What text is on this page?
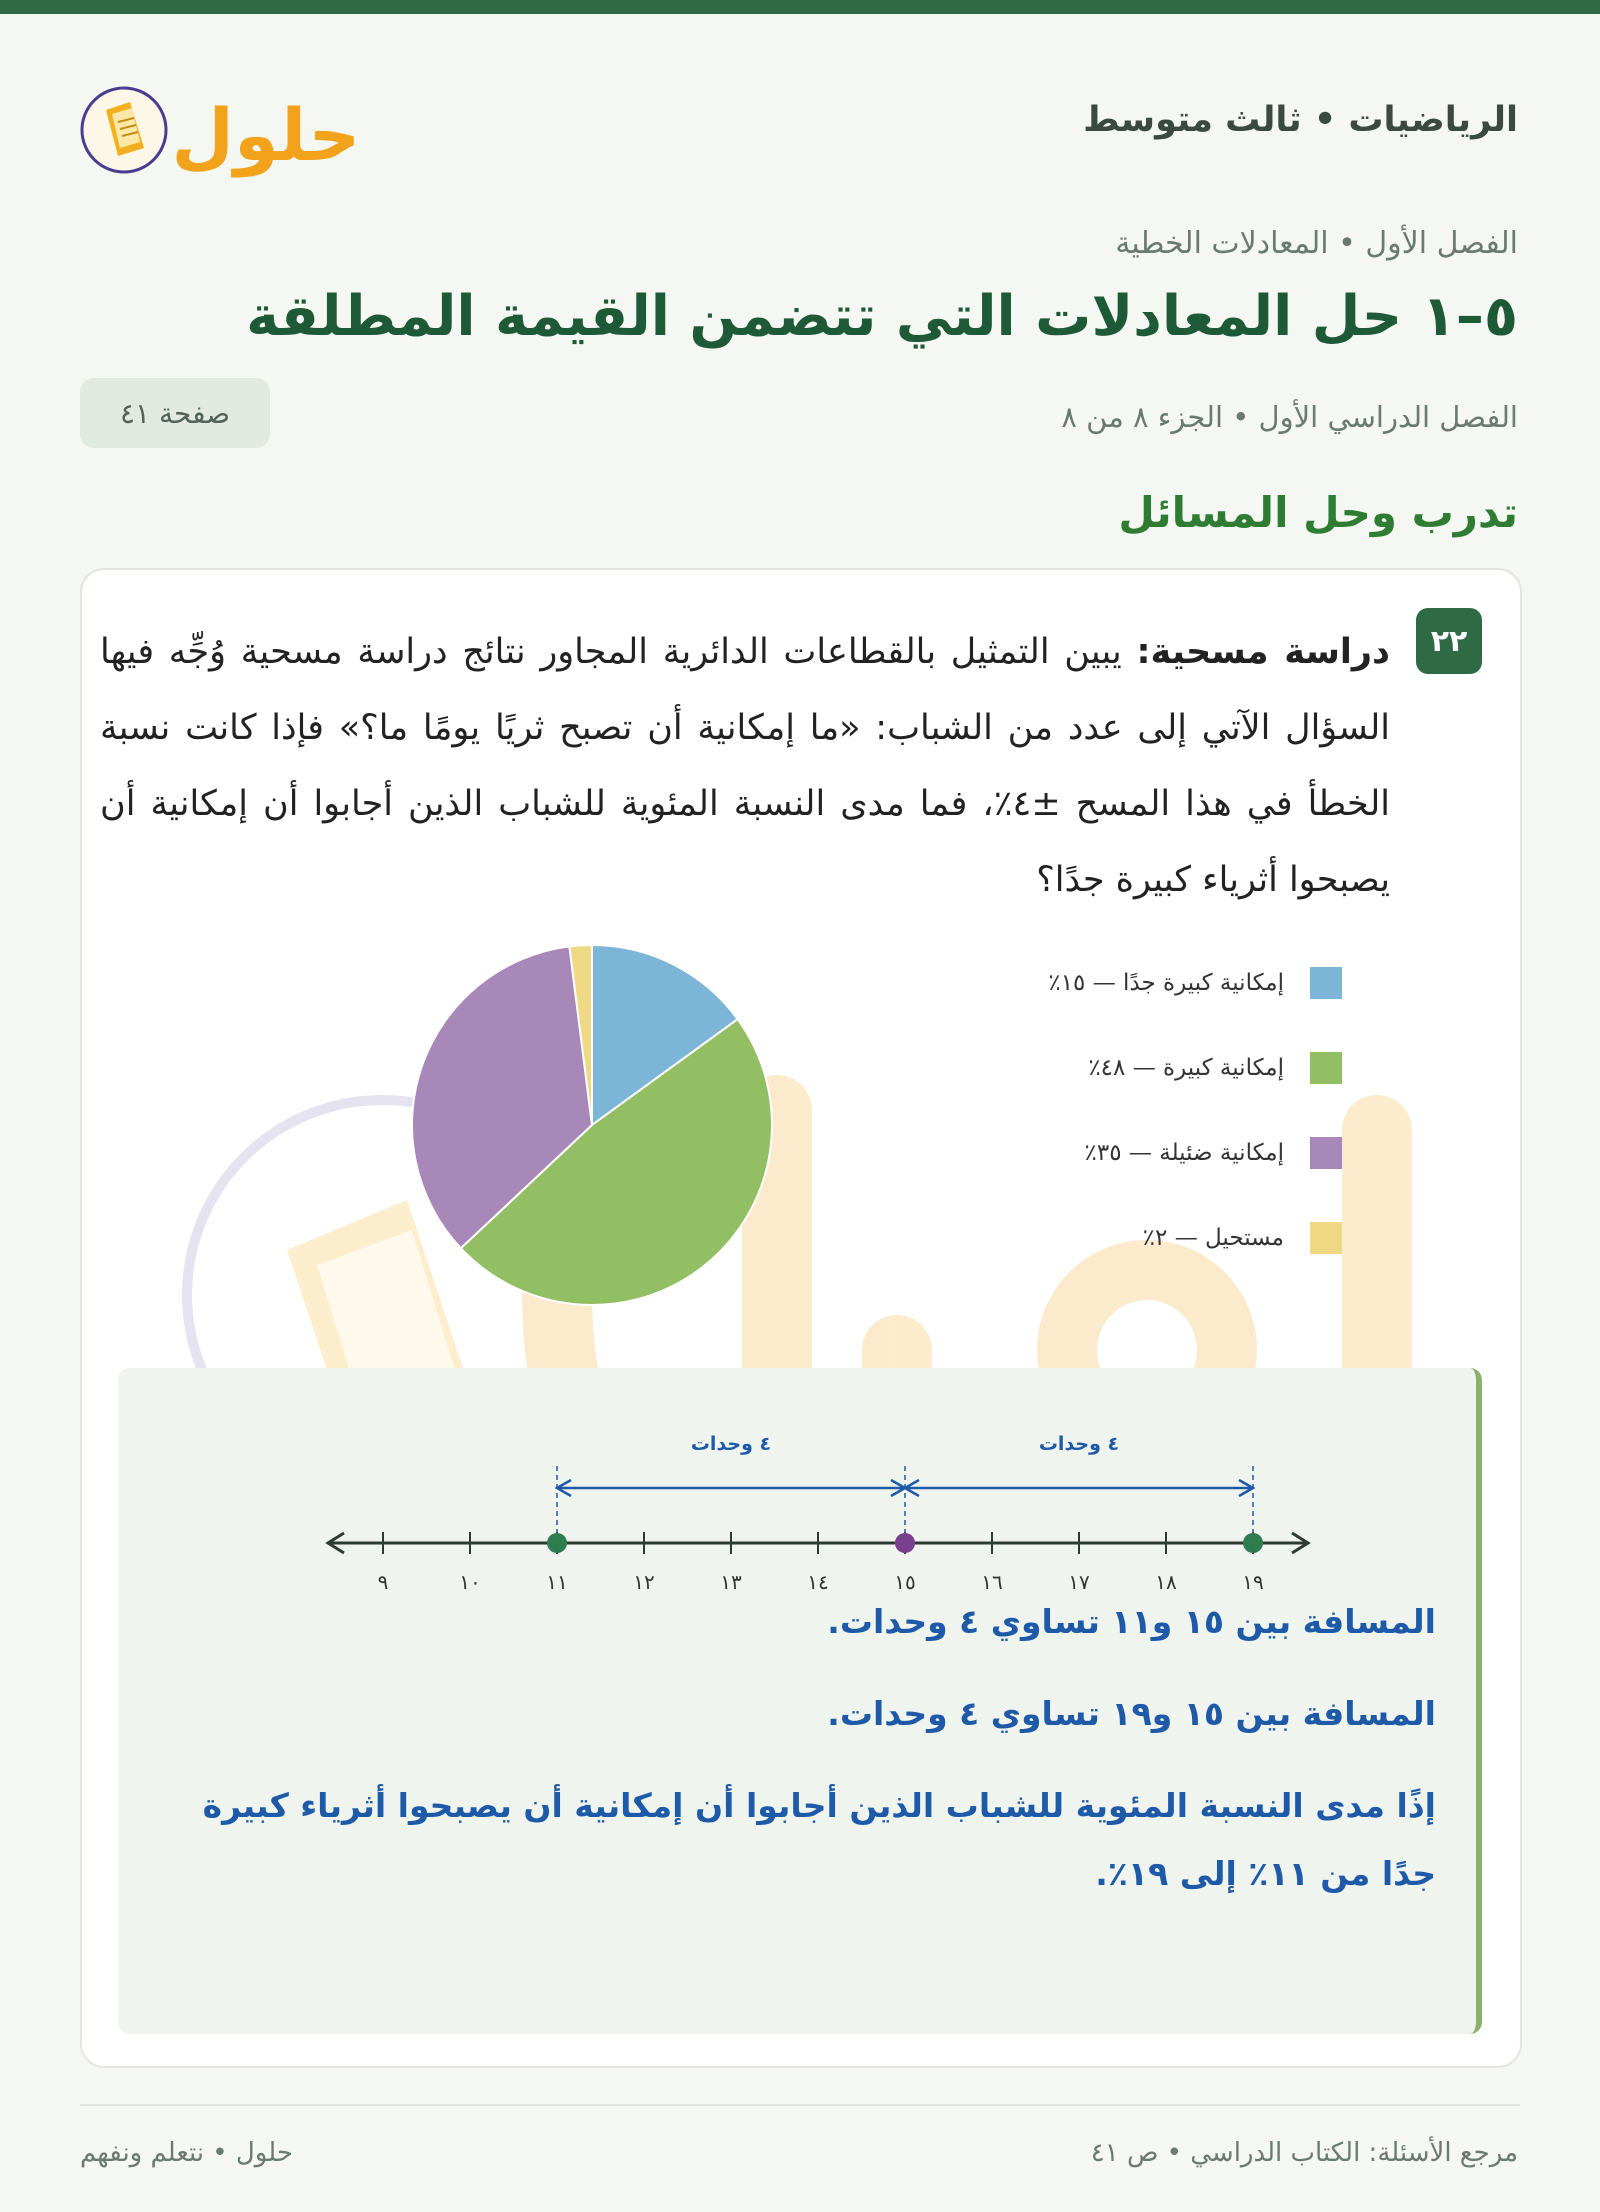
حلول	الرياضيات • ثالث متوسط
الفصل الأول • المعادلات الخطية
٥–١ حل المعادلات التي تتضمن القيمة المطلقة
الفصل الدراسي الأول • الجزء ٨ من ٨
صفحة ٤١
تدرب وحل المسائل
٢٢

دراسة مسحية: يبين التمثيل بالقطاعات الدائرية المجاور نتائج دراسة مسحية وُجِّه فيها السؤال الآتي إلى عدد من الشباب: «ما إمكانية أن تصبح ثريًا يومًا ما؟» فإذا كانت نسبة الخطأ في هذا المسح ±٤٪، فما مدى النسبة المئوية للشباب الذين أجابوا أن إمكانية أن يصبحوا أثرياء كبيرة جدًا؟

إمكانية كبيرة جدًا — ١٥٪
إمكانية كبيرة — ٤٨٪
إمكانية ضئيلة — ٣٥٪
مستحيل — ٢٪
٩	١٠	١١	١٢	١٣	١٤	١٥	١٦	١٧	١٨	١٩
٤ وحدات	٤ وحدات

المسافة بين ١٥ و١١ تساوي ٤ وحدات.

المسافة بين ١٥ و١٩ تساوي ٤ وحدات.

إذًا مدى النسبة المئوية للشباب الذين أجابوا أن إمكانية أن يصبحوا أثرياء كبيرة جدًا من ١١٪ إلى ١٩٪.

مرجع الأسئلة: الكتاب الدراسي • ص ٤١
حلول • نتعلم ونفهم
